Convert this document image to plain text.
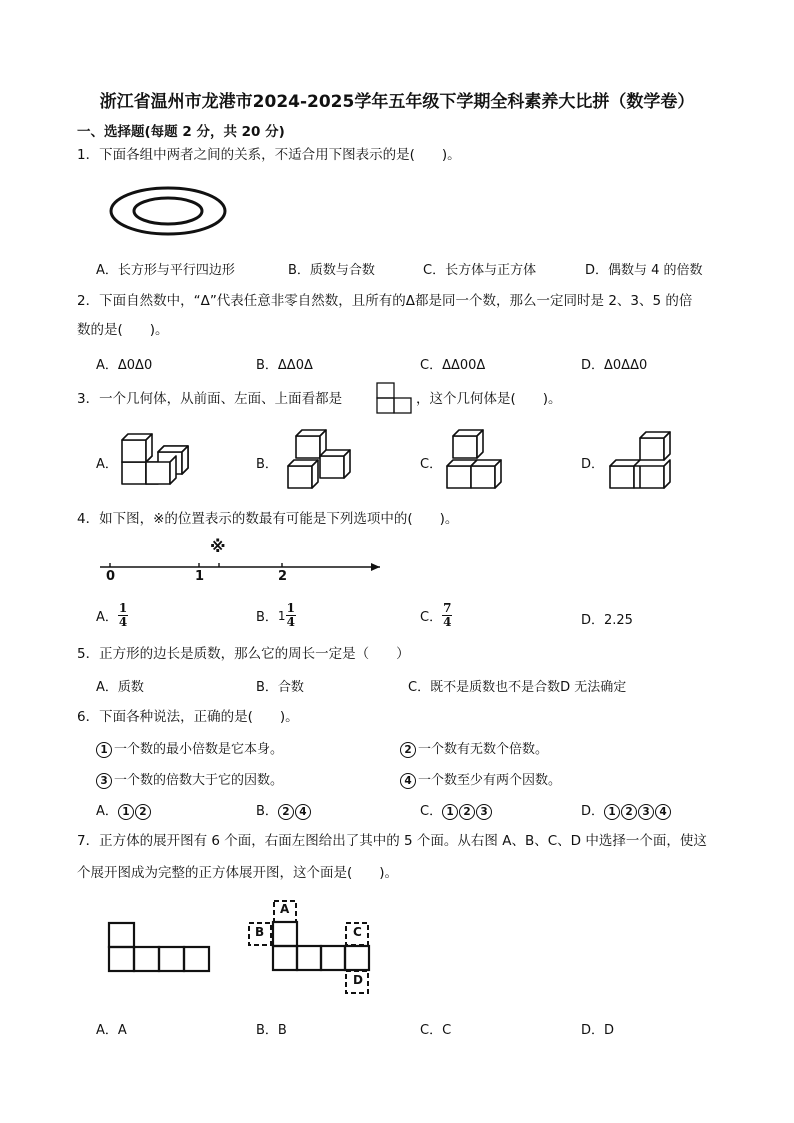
浙江省温州市龙港市2024-2025学年五年级下学期全科素养大比拼（数学卷）
一、选择题(每题 2 分，共 20 分)
1．下面各组中两者之间的关系，不适合用下图表示的是(　　)。
A．长方形与平行四边形	B．质数与合数	C．长方体与正方体	D．偶数与 4 的倍数
2．下面自然数中，“Δ”代表任意非零自然数，且所有的Δ都是同一个数，那么一定同时是 2、3、5 的倍
数的是(　　)。
A．Δ0Δ0	B．ΔΔ0Δ	C．ΔΔ00Δ	D．Δ0ΔΔ0
3．一个几何体，从前面、左面、上面看都是	，这个几何体是(　　)。
A．	B．	C．	D．
4．如下图，※的位置表示的数最有可能是下列选项中的(　　)。
0	1	2
※
A． $\frac{1}{4}$	B． $1 \frac{1}{4}$	C． $\frac{7}{4}$	D．2.25
5．正方形的边长是质数，那么它的周长一定是（　　）
A．质数	B．合数	C．既不是质数也不是合数D 无法确定
6．下面各种说法，正确的是(　　)。
1 一个数的最小倍数是它本身。	2 一个数有无数个倍数。
3 一个数的倍数大于它的因数。	4 一个数至少有两个因数。
A． 1 2	B． 2 4	C． 1 2 3	D． 1 2 3 4
7．正方体的展开图有 6 个面，右面左图给出了其中的 5 个面。从右图 A、B、C、D 中选择一个面，使这
个展开图成为完整的正方体展开图，这个面是(　　)。
A
B	C
D
A．A	B．B	C．C	D．D
